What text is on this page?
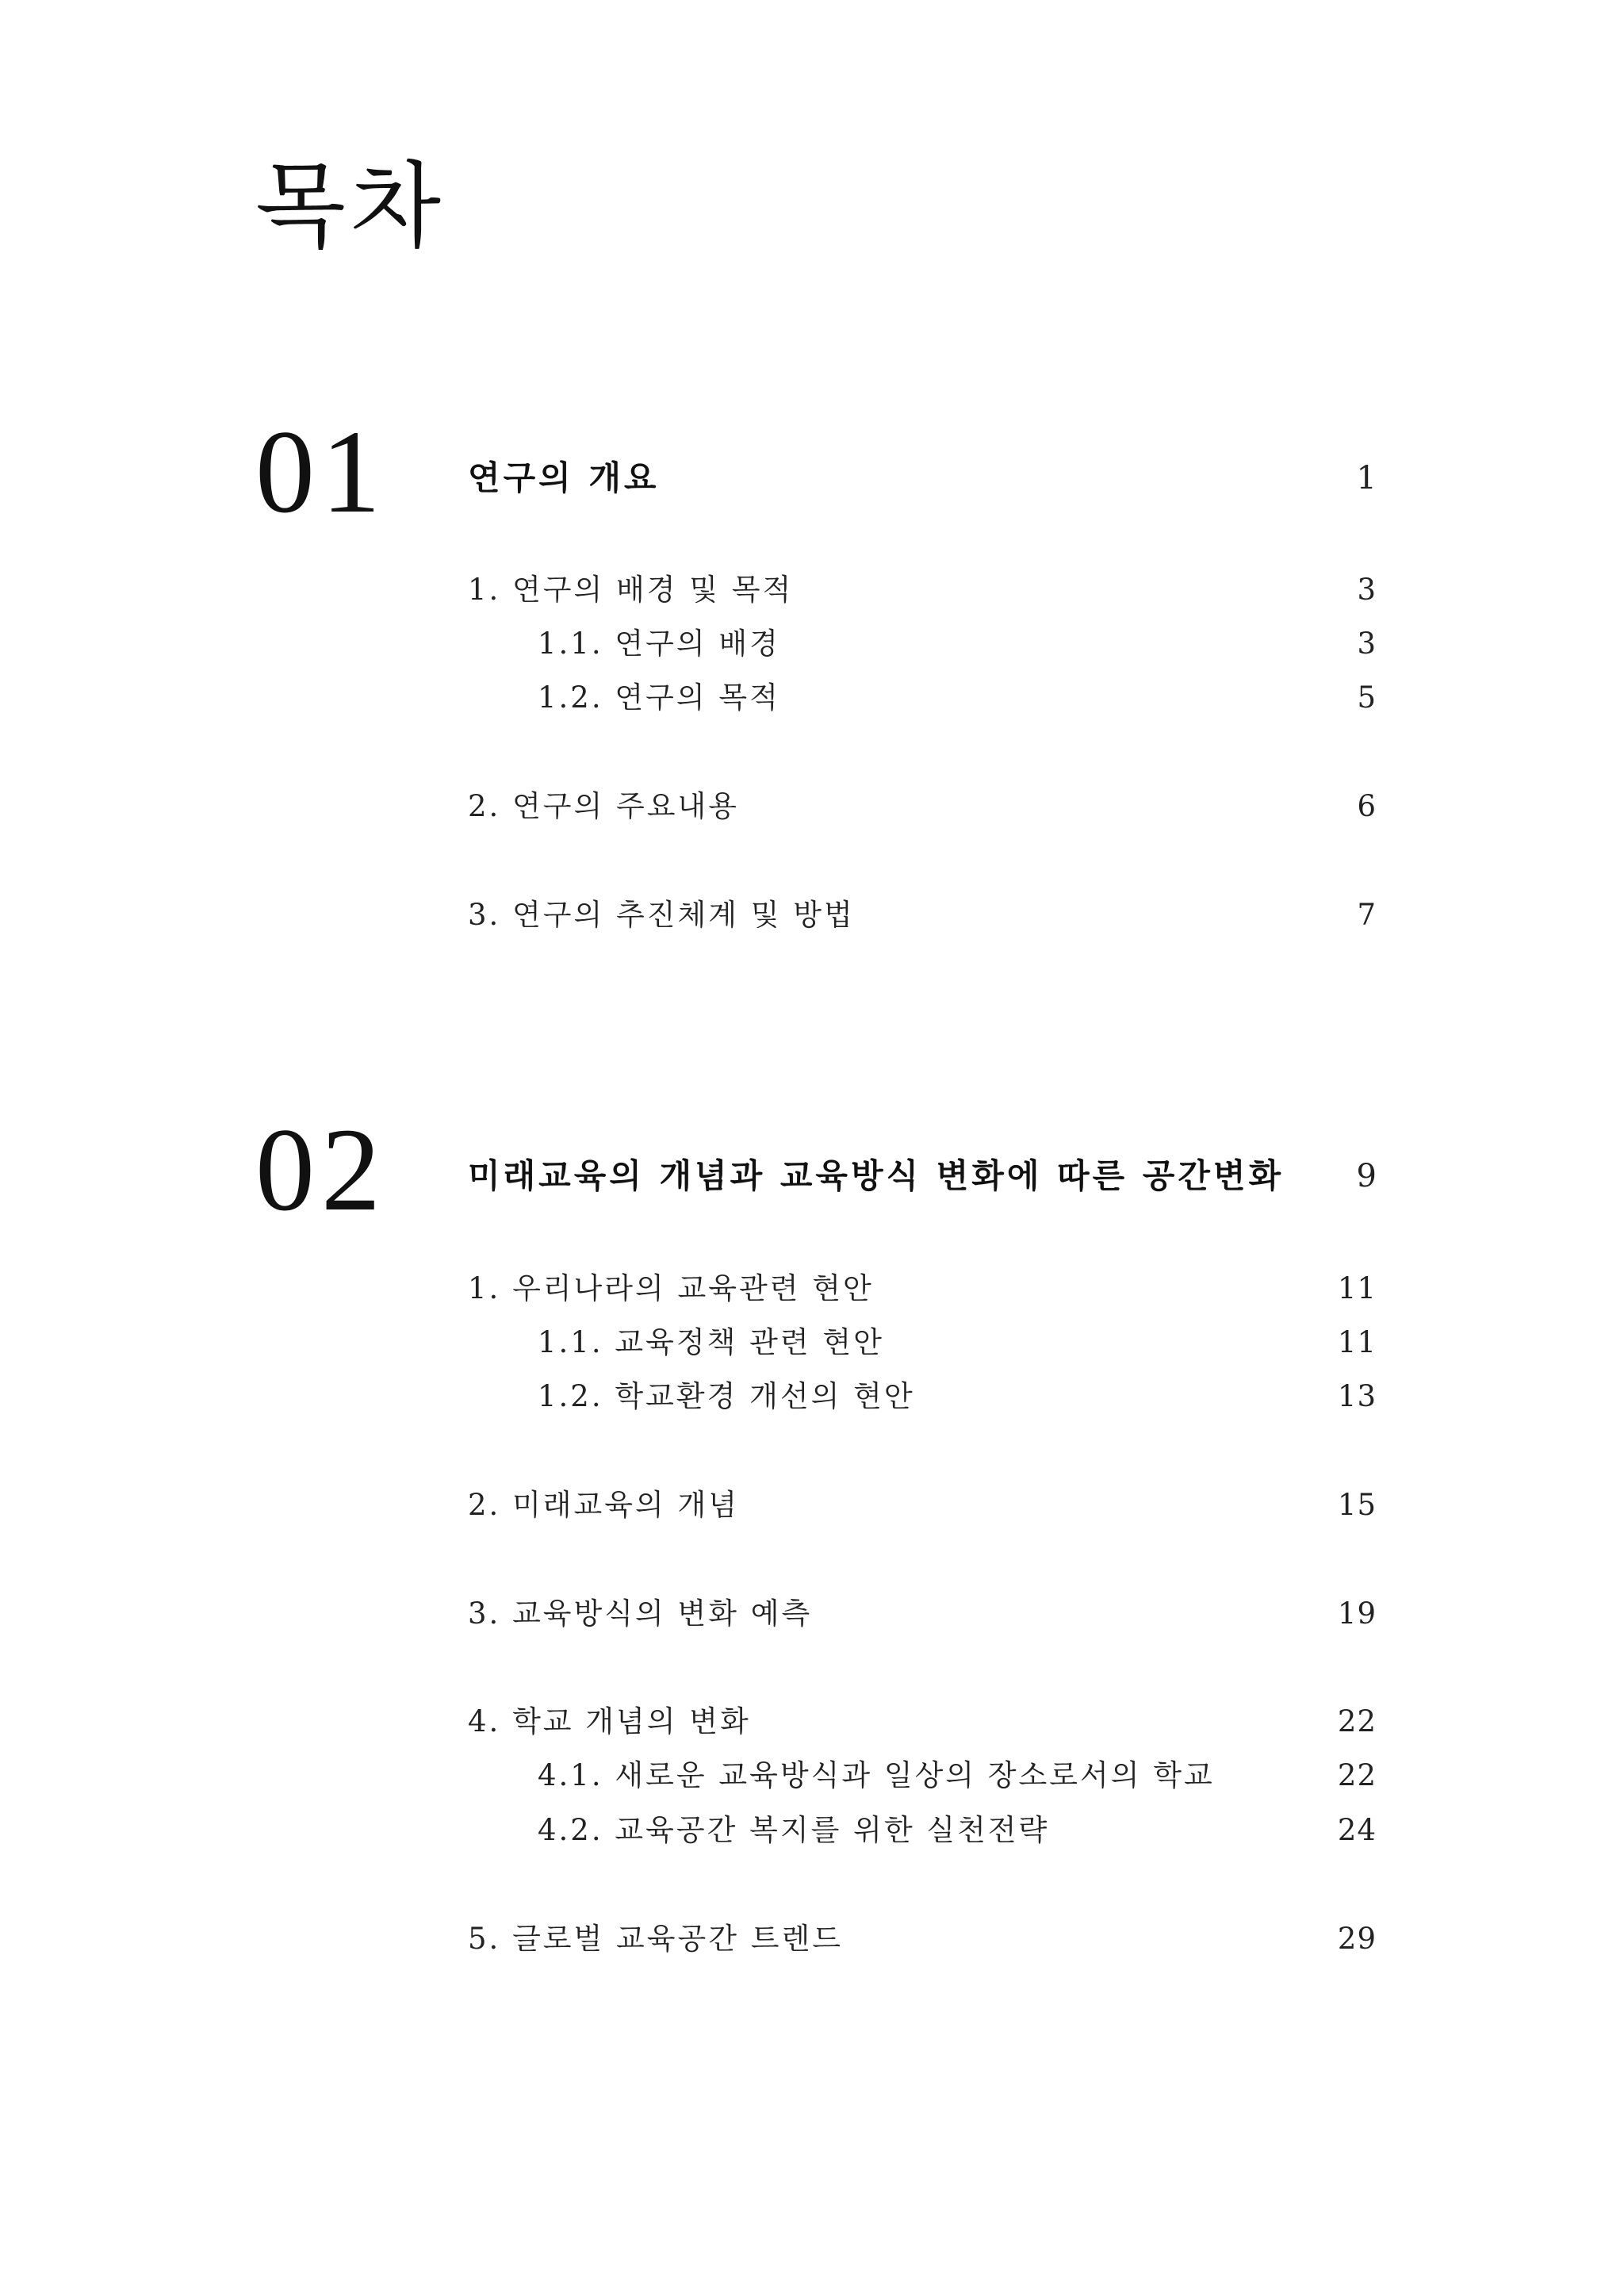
목차
01 연구의 개요	1
1. 연구의 배경 및 목적	3
1.1. 연구의 배경	3
1.2. 연구의 목적	5
2. 연구의 주요내용	6
3. 연구의 추진체계 및 방법	7
02 미래교육의 개념과 교육방식 변화에 따른 공간변화 9
1. 우리나라의 교육관련 현안	11
1.1. 교육정책 관련 현안	11
1.2. 학교환경 개선의 현안	13
2. 미래교육의 개념	15
3. 교육방식의 변화 예측	19
4. 학교 개념의 변화	22
4.1. 새로운 교육방식과 일상의 장소로서의 학교	22
4.2. 교육공간 복지를 위한 실천전략	24
5. 글로벌 교육공간 트렌드	29
